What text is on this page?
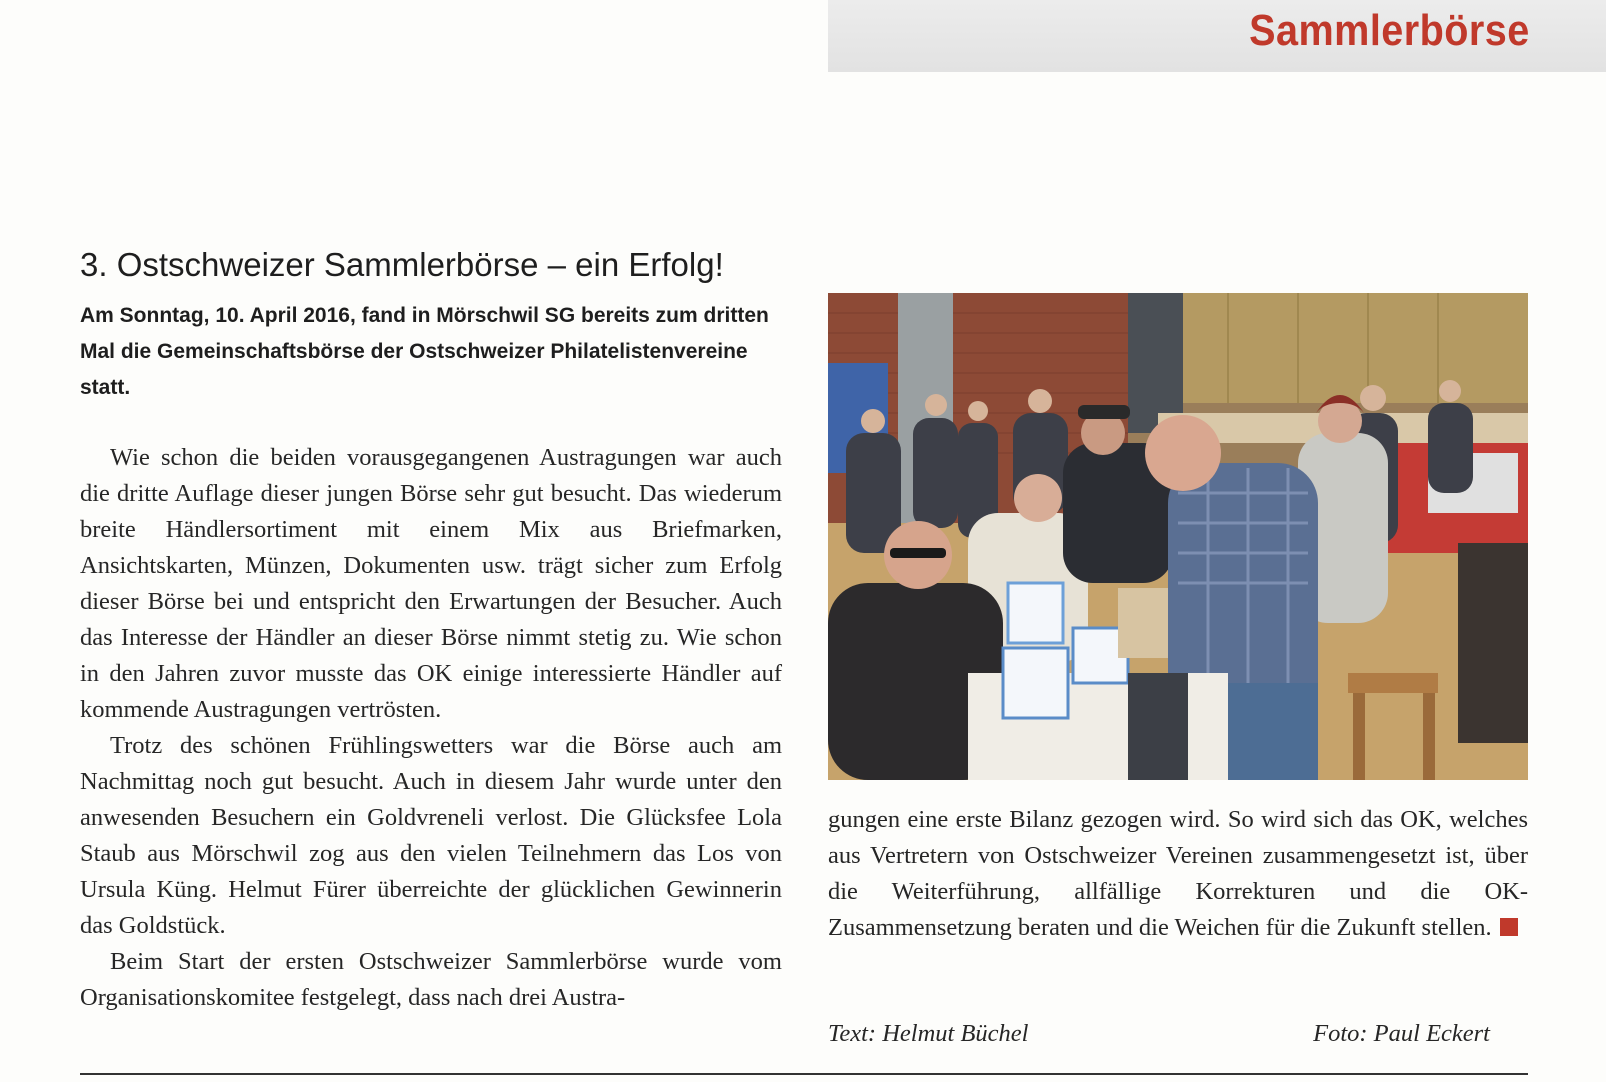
Sammlerbörse
3. Ostschweizer Sammlerbörse – ein Erfolg!
Am Sonntag, 10. April 2016, fand in Mörschwil SG bereits zum dritten Mal die Gemeinschaftsbörse der Ostschweizer Philatelistenvereine statt.

Wie schon die beiden vorausgegangenen Austragungen war auch die dritte Auflage dieser jungen Börse sehr gut besucht. Das wiederum breite Händlersortiment mit einem Mix aus Briefmarken, Ansichtskarten, Münzen, Dokumenten usw. trägt sicher zum Erfolg dieser Börse bei und entspricht den Erwartungen der Besucher. Auch das Interesse der Händler an dieser Börse nimmt stetig zu. Wie schon in den Jahren zuvor musste das OK einige interessierte Händler auf kommende Austragungen vertrösten.

Trotz des schönen Frühlingswetters war die Börse auch am Nachmittag noch gut besucht. Auch in diesem Jahr wurde unter den anwesenden Besuchern ein Goldvreneli verlost. Die Glücksfee Lola Staub aus Mörschwil zog aus den vielen Teilnehmern das Los von Ursula Küng. Helmut Fürer überreichte der glücklichen Gewinnerin das Goldstück.

Beim Start der ersten Ostschweizer Sammlerbörse wurde vom Organisationskomitee festgelegt, dass nach drei Austra-

gungen eine erste Bilanz gezogen wird. So wird sich das OK, welches aus Vertretern von Ostschweizer Vereinen zusammengesetzt ist, über die Weiterführung, allfällige Korrekturen und die OK-Zusammensetzung beraten und die Weichen für die Zukunft stellen.

Text: Helmut Büchel	Foto: Paul Eckert
